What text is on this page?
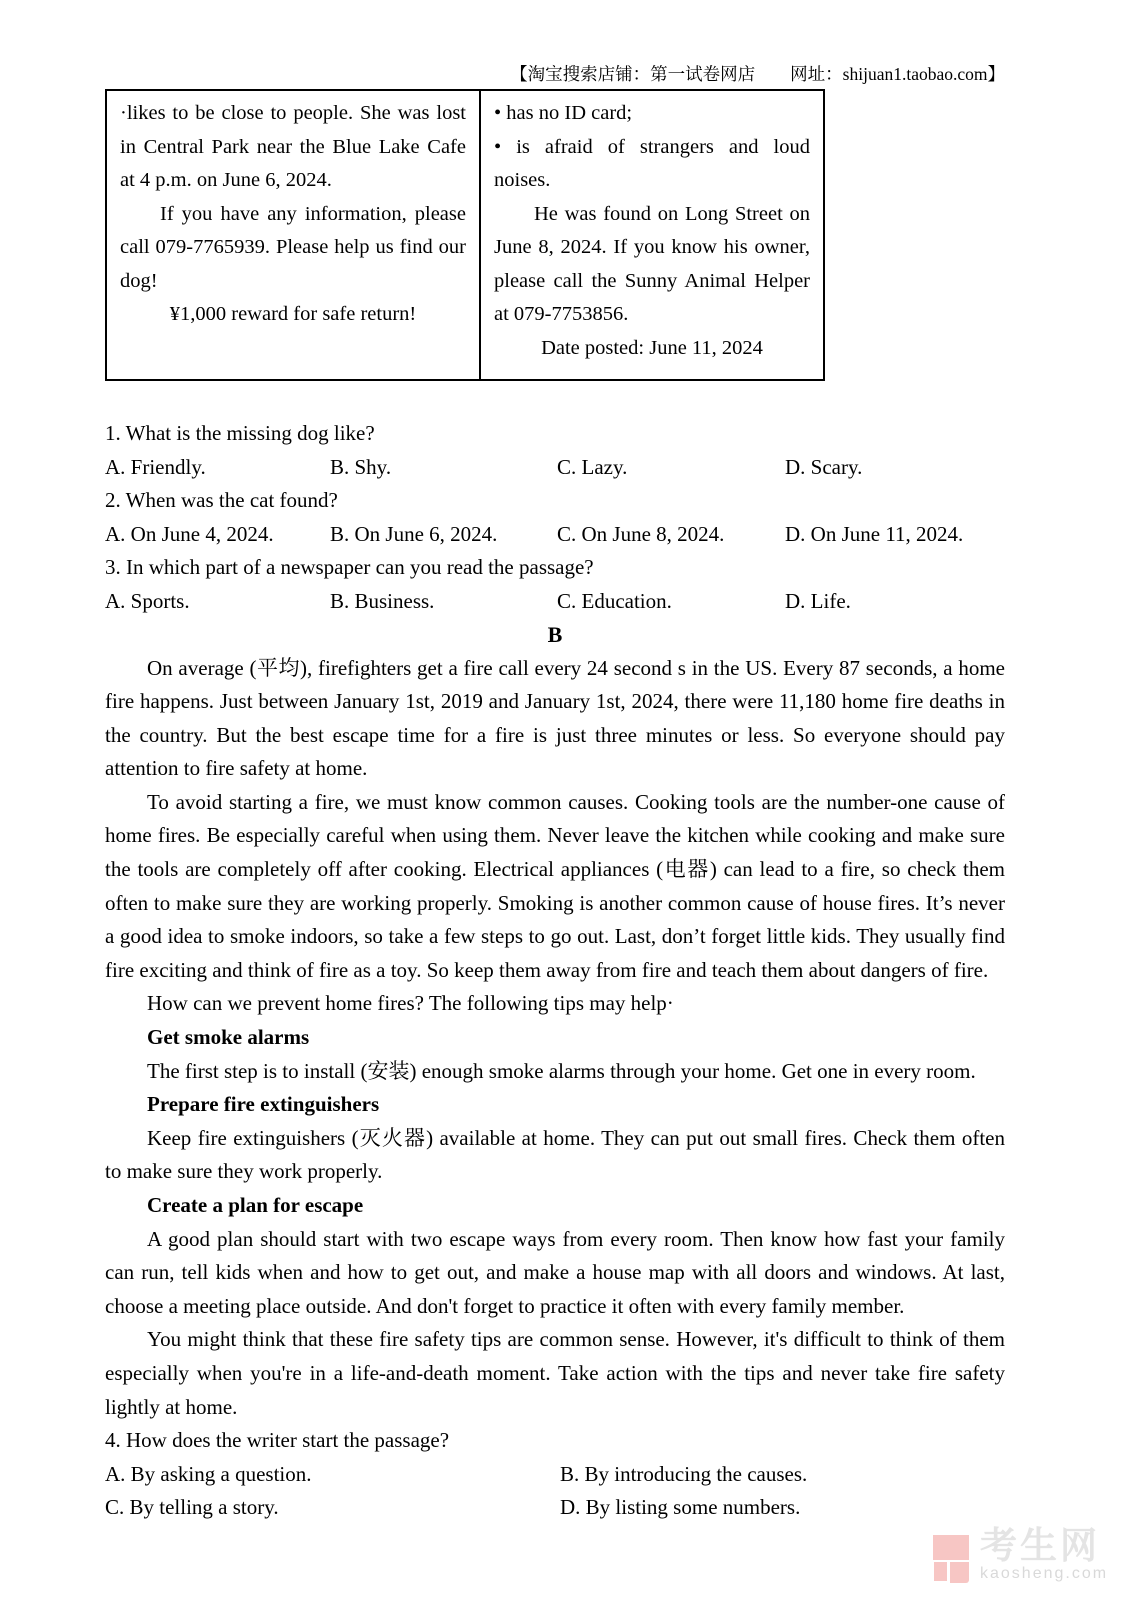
【淘宝搜索店铺：第一试卷网店　　网址：shijuan1.taobao.com】

·likes to be close to people. She was lost in Central Park near the Blue Lake Cafe at 4 p.m. on June 6, 2024.

If you have any information, please call 079-7765939. Please help us find our dog!

¥1,000 reward for safe return!

• has no ID card;

• is afraid of strangers and loud noises.

He was found on Long Street on June 8, 2024. If you know his owner, please call the Sunny Animal Helper at 079-7753856.

Date posted: June 11, 2024

1. What is the missing dog like?
A. Friendly.	B. Shy.	C. Lazy.	D. Scary.
2. When was the cat found?
A. On June 4, 2024.	B. On June 6, 2024.	C. On June 8, 2024.	D. On June 11, 2024.
3. In which part of a newspaper can you read the passage?
A. Sports.	B. Business.	C. Education.	D. Life.
B

On average (平均), firefighters get a fire call every 24 second s in the US. Every 87 seconds, a home fire happens. Just between January 1st, 2019 and January 1st, 2024, there were 11,180 home fire deaths in the country. But the best escape time for a fire is just three minutes or less. So everyone should pay attention to fire safety at home.

To avoid starting a fire, we must know common causes. Cooking tools are the number-one cause of home fires. Be especially careful when using them. Never leave the kitchen while cooking and make sure the tools are completely off after cooking. Electrical appliances (电器) can lead to a fire, so check them often to make sure they are working properly. Smoking is another common cause of house fires. It’s never a good idea to smoke indoors, so take a few steps to go out. Last, don’t forget little kids. They usually find fire exciting and think of fire as a toy. So keep them away from fire and teach them about dangers of fire.

How can we prevent home fires? The following tips may help·

Get smoke alarms

The first step is to install (安装) enough smoke alarms through your home. Get one in every room.

Prepare fire extinguishers

Keep fire extinguishers (灭火器) available at home. They can put out small fires. Check them often to make sure they work properly.

Create a plan for escape

A good plan should start with two escape ways from every room. Then know how fast your family can run, tell kids when and how to get out, and make a house map with all doors and windows. At last, choose a meeting place outside. And don't forget to practice it often with every family member.

You might think that these fire safety tips are common sense. However, it's difficult to think of them especially when you're in a life-and-death moment. Take action with the tips and never take fire safety lightly at home.

4. How does the writer start the passage?
A. By asking a question.	B. By introducing the causes.
C. By telling a story.	D. By listing some numbers.
考生网
kaosheng.com
